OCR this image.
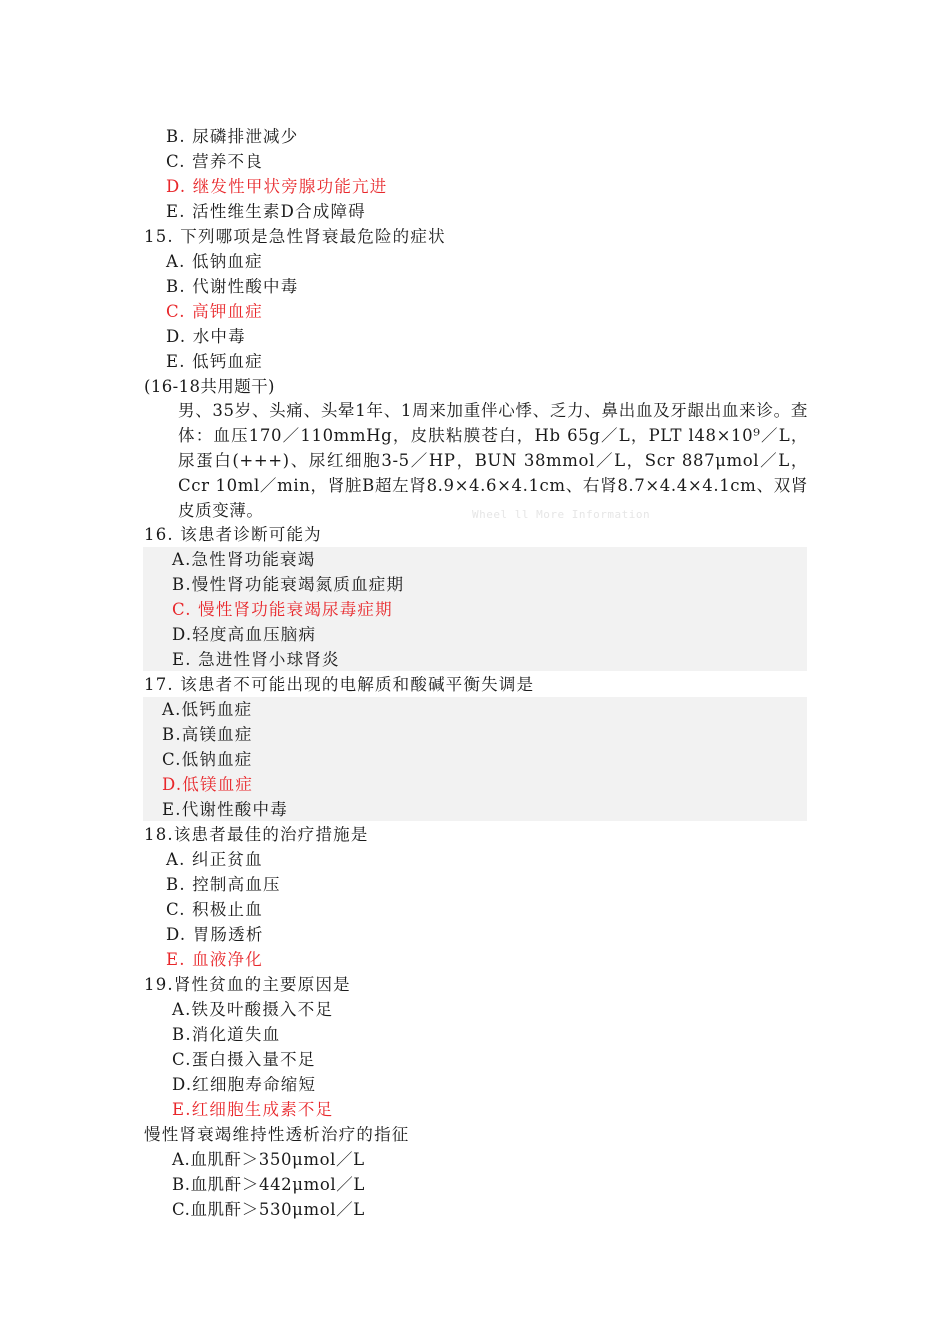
B. 尿磷排泄减少
C. 营养不良
D. 继发性甲状旁腺功能亢进
E. 活性维生素D合成障碍
15. 下列哪项是急性肾衰最危险的症状
A. 低钠血症
B. 代谢性酸中毒
C. 高钾血症
D. 水中毒
E. 低钙血症
(16-18共用题干)
男、35岁、头痛、头晕1年、1周来加重伴心悸、乏力、鼻出血及牙龈出血来诊。查体：血压170／110mmHg，皮肤粘膜苍白，Hb 65g／L，PLT l48×10⁹／L，尿蛋白(+++)、尿红细胞3-5／HP，BUN 38mmol／L，Scr 887μmol／L，Ccr 10ml／min，肾脏B超左肾8.9×4.6×4.1cm、右肾8.7×4.4×4.1cm、双肾皮质变薄。	Wheel ll More Information
16. 该患者诊断可能为
A.急性肾功能衰竭
B.慢性肾功能衰竭氮质血症期
C. 慢性肾功能衰竭尿毒症期
D.轻度高血压脑病
E. 急进性肾小球肾炎
17. 该患者不可能出现的电解质和酸碱平衡失调是
A.低钙血症
B.高镁血症
C.低钠血症
D.低镁血症
E.代谢性酸中毒
18.该患者最佳的治疗措施是
A. 纠正贫血
B. 控制高血压
C. 积极止血
D. 胃肠透析
E. 血液净化
19.肾性贫血的主要原因是
A.铁及叶酸摄入不足
B.消化道失血
C.蛋白摄入量不足
D.红细胞寿命缩短
E.红细胞生成素不足
慢性肾衰竭维持性透析治疗的指征
A.血肌酐＞350μmol／L
B.血肌酐＞442μmol／L
C.血肌酐＞530μmol／L
